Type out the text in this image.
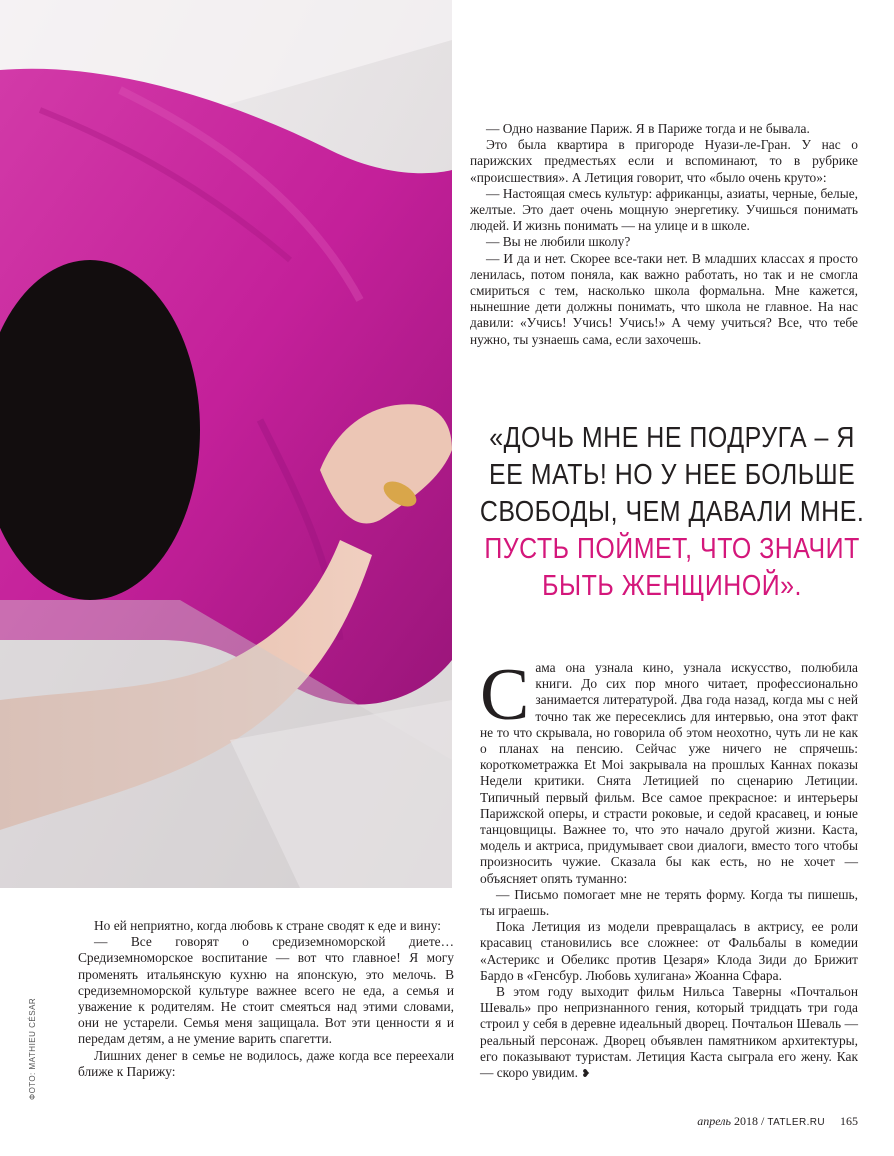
ФОТО: MATHIEU CÉSAR

— Одно название Париж. Я в Париже тогда и не бывала.

Это была квартира в пригороде Нуази-ле-Гран. У нас о парижских предместьях если и вспоминают, то в рубрике «происшествия». А Летиция говорит, что «было очень круто»:

— Настоящая смесь культур: африканцы, азиаты, черные, белые, желтые. Это дает очень мощную энергетику. Учишься понимать людей. И жизнь понимать — на улице и в школе.

— Вы не любили школу?

— И да и нет. Скорее все-таки нет. В младших классах я просто ленилась, потом поняла, как важно работать, но так и не смогла смириться с тем, насколько школа формальна. Мне кажется, нынешние дети должны понимать, что школа не главное. На нас давили: «Учись! Учись! Учись!» А чему учиться? Все, что тебе нужно, ты узнаешь сама, если захочешь.

«ДОЧЬ МНЕ НЕ ПОДРУГА – Я ЕЕ МАТЬ! НО У НЕЕ БОЛЬШЕ СВОБОДЫ, ЧЕМ ДАВАЛИ МНЕ. ПУСТЬ ПОЙМЕТ, ЧТО ЗНАЧИТ БЫТЬ ЖЕНЩИНОЙ».

Сама она узнала кино, узнала искусство, полюбила книги. До сих пор много читает, профессионально занимается литературой. Два года назад, когда мы с ней точно так же пересеклись для интервью, она этот факт не то что скрывала, но говорила об этом неохотно, чуть ли не как о планах на пенсию. Сейчас уже ничего не спрячешь: короткометражка Et Moi закрывала на прошлых Каннах показы Недели критики. Снята Летицией по сценарию Летиции. Типичный первый фильм. Все самое прекрасное: и интерьеры Парижской оперы, и страсти роковые, и седой красавец, и юные танцовщицы. Важнее то, что это начало другой жизни. Каста, модель и актриса, придумывает свои диалоги, вместо того чтобы произносить чужие. Сказала бы как есть, но не хочет — объясняет опять туманно:

— Письмо помогает мне не терять форму. Когда ты пишешь, ты играешь.

Пока Летиция из модели превращалась в актрису, ее роли красавиц становились все сложнее: от Фальбалы в комедии «Астерикс и Обеликс против Цезаря» Клода Зиди до Брижит Бардо в «Генсбур. Любовь хулигана» Жоанна Сфара.

В этом году выходит фильм Нильса Таверны «Почтальон Шеваль» про непризнанного гения, который тридцать три года строил у себя в деревне идеальный дворец. Почтальон Шеваль — реальный персонаж. Дворец объявлен памятником архитектуры, его показывают туристам. Летиция Каста сыграла его жену. Как — скоро увидим. ❥

Но ей неприятно, когда любовь к стране сводят к еде и вину:

— Все говорят о средиземноморской диете… Средиземноморское воспитание — вот что главное! Я могу променять итальянскую кухню на японскую, это мелочь. В средиземноморской культуре важнее всего не еда, а семья и уважение к родителям. Не стоит смеяться над этими словами, они не устарели. Семья меня защищала. Вот эти ценности я и передам детям, а не умение варить спагетти.

Лишних денег в семье не водилось, даже когда все переехали ближе к Парижу:

апрель 2018 / TATLER.RU 165
